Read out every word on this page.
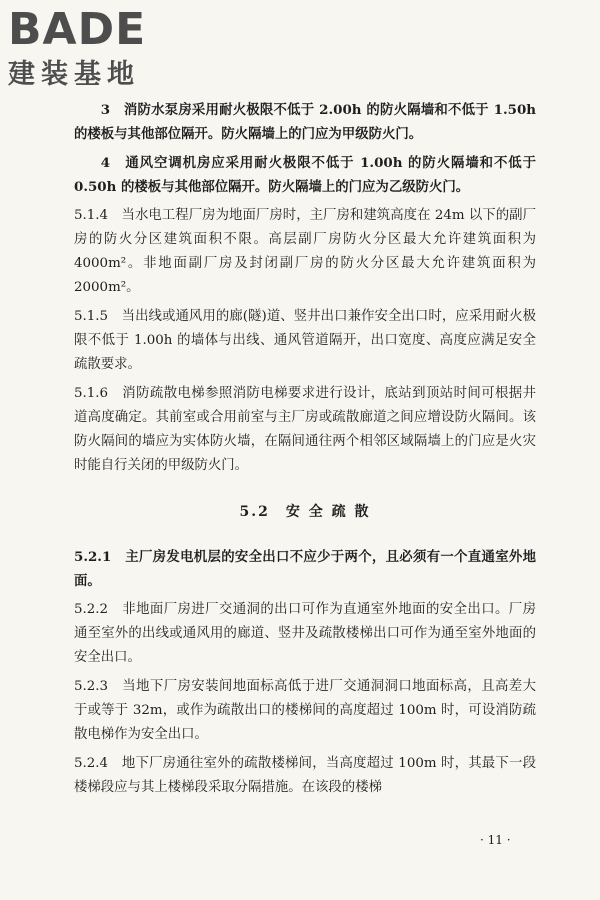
BADE
建装基地

3　消防水泵房采用耐火极限不低于 2.00h 的防火隔墙和不低于 1.50h 的楼板与其他部位隔开。防火隔墙上的门应为甲级防火门。

4　通风空调机房应采用耐火极限不低于 1.00h 的防火隔墙和不低于 0.50h 的楼板与其他部位隔开。防火隔墙上的门应为乙级防火门。

5.1.4　当水电工程厂房为地面厂房时，主厂房和建筑高度在 24m 以下的副厂房的防火分区建筑面积不限。高层副厂房防火分区最大允许建筑面积为 4000m²。非地面副厂房及封闭副厂房的防火分区最大允许建筑面积为 2000m²。

5.1.5　当出线或通风用的廊(隧)道、竖井出口兼作安全出口时，应采用耐火极限不低于 1.00h 的墙体与出线、通风管道隔开，出口宽度、高度应满足安全疏散要求。

5.1.6　消防疏散电梯参照消防电梯要求进行设计，底站到顶站时间可根据井道高度确定。其前室或合用前室与主厂房或疏散廊道之间应增设防火隔间。该防火隔间的墙应为实体防火墙，在隔间通往两个相邻区域隔墙上的门应是火灾时能自行关闭的甲级防火门。

5.2　安 全 疏 散

5.2.1　主厂房发电机层的安全出口不应少于两个，且必须有一个直通室外地面。

5.2.2　非地面厂房进厂交通洞的出口可作为直通室外地面的安全出口。厂房通至室外的出线或通风用的廊道、竖井及疏散楼梯出口可作为通至室外地面的安全出口。

5.2.3　当地下厂房安装间地面标高低于进厂交通洞洞口地面标高，且高差大于或等于 32m，或作为疏散出口的楼梯间的高度超过 100m 时，可设消防疏散电梯作为安全出口。

5.2.4　地下厂房通往室外的疏散楼梯间，当高度超过 100m 时，其最下一段楼梯段应与其上楼梯段采取分隔措施。在该段的楼梯

· 11 ·
